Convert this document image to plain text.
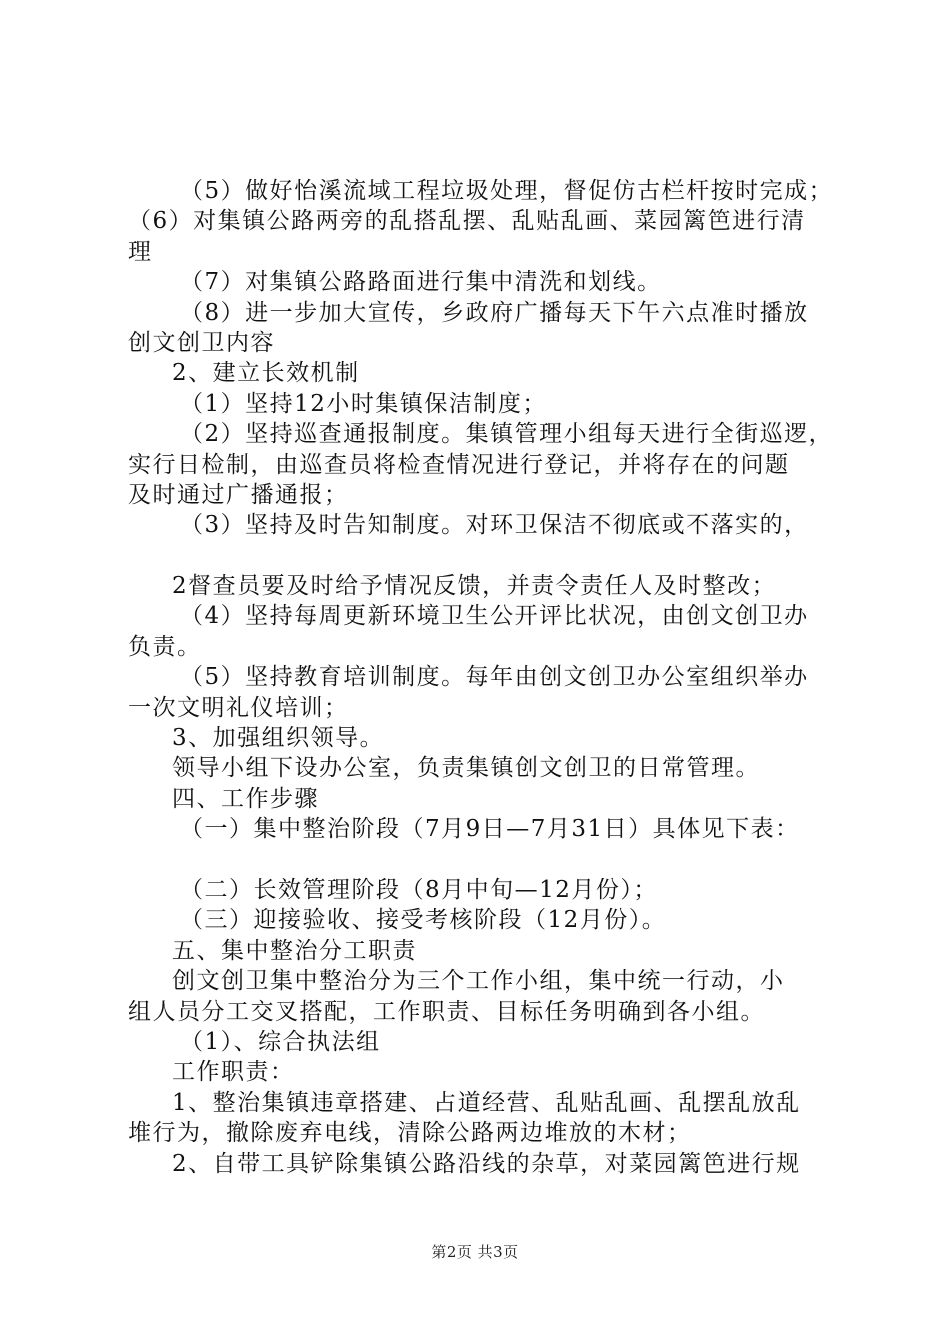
（5）做好怡溪流域工程垃圾处理，督促仿古栏杆按时完成；
（6）对集镇公路两旁的乱搭乱摆、乱贴乱画、菜园篱笆进行清
理
（7）对集镇公路路面进行集中清洗和划线。
（8）进一步加大宣传，乡政府广播每天下午六点准时播放
创文创卫内容
2、建立长效机制
（1）坚持12小时集镇保洁制度；
（2）坚持巡查通报制度。集镇管理小组每天进行全街巡逻，
实行日检制，由巡查员将检查情况进行登记，并将存在的问题
及时通过广播通报；
（3）坚持及时告知制度。对环卫保洁不彻底或不落实的，
2督查员要及时给予情况反馈，并责令责任人及时整改；
（4）坚持每周更新环境卫生公开评比状况，由创文创卫办
负责。
（5）坚持教育培训制度。每年由创文创卫办公室组织举办
一次文明礼仪培训；
3、加强组织领导。
领导小组下设办公室，负责集镇创文创卫的日常管理。
四、工作步骤
（一）集中整治阶段（7月9日—7月31日）具体见下表：
（二）长效管理阶段（8月中旬—12月份）；
（三）迎接验收、接受考核阶段（12月份）。
五、集中整治分工职责
创文创卫集中整治分为三个工作小组，集中统一行动，小
组人员分工交叉搭配，工作职责、目标任务明确到各小组。
（1）、综合执法组
工作职责：
1、整治集镇违章搭建、占道经营、乱贴乱画、乱摆乱放乱
堆行为，撤除废弃电线，清除公路两边堆放的木材；
2、自带工具铲除集镇公路沿线的杂草，对菜园篱笆进行规
第2页 共3页
